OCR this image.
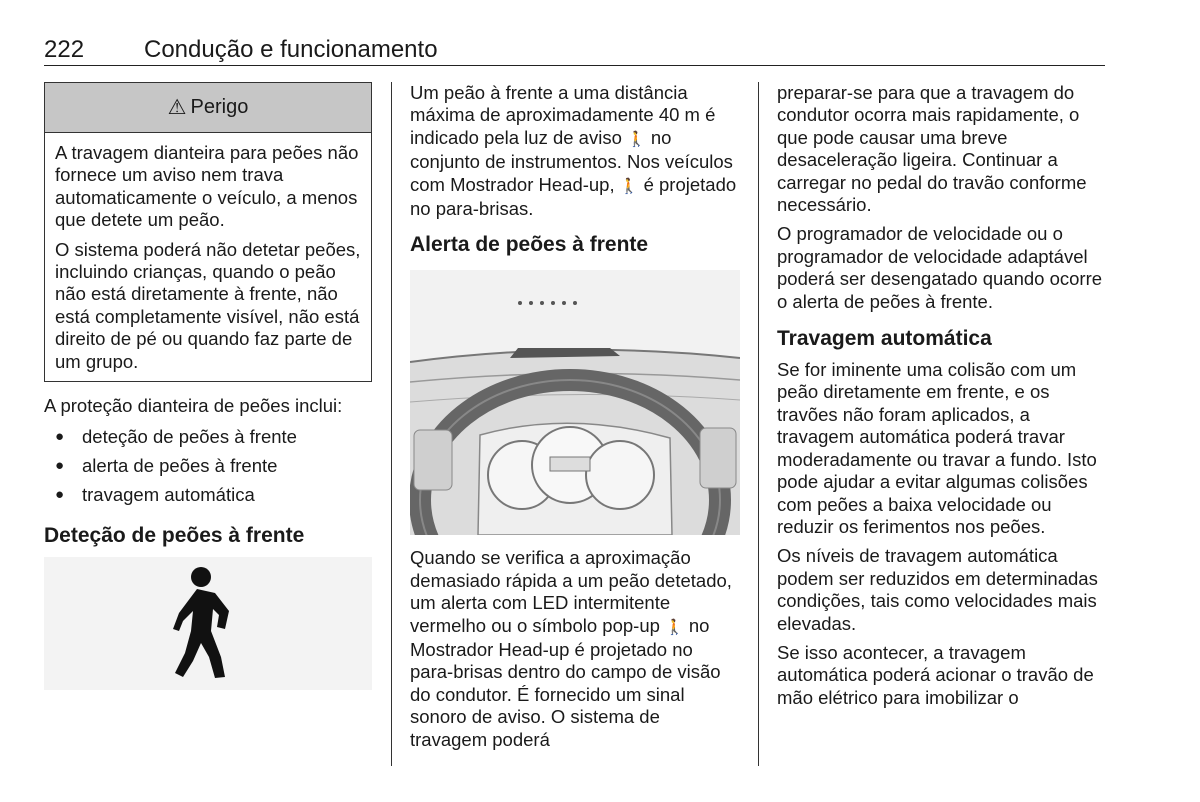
222 Condução e funcionamento
⚠ Perigo

A travagem dianteira para peões não fornece um aviso nem trava automaticamente o veículo, a menos que detete um peão.

O sistema poderá não detetar peões, incluindo crianças, quando o peão não está diretamente à frente, não está completamente visível, não está direito de pé ou quando faz parte de um grupo.

A proteção dianteira de peões inclui:

● deteção de peões à frente
● alerta de peões à frente
● travagem automática
Deteção de peões à frente

Um peão à frente a uma distância máxima de aproximadamente 40 m é indicado pela luz de aviso 🚶 no conjunto de instrumentos. Nos veículos com Mostrador Head-up, 🚶 é projetado no para-brisas.

Alerta de peões à frente

Quando se verifica a aproximação demasiado rápida a um peão detetado, um alerta com LED intermitente vermelho ou o símbolo pop-up 🚶 no Mostrador Head-up é projetado no para-brisas dentro do campo de visão do condutor. É fornecido um sinal sonoro de aviso. O sistema de travagem poderá

preparar-se para que a travagem do condutor ocorra mais rapidamente, o que pode causar uma breve desaceleração ligeira. Continuar a carregar no pedal do travão conforme necessário.

O programador de velocidade ou o programador de velocidade adaptável poderá ser desengatado quando ocorre o alerta de peões à frente.

Travagem automática

Se for iminente uma colisão com um peão diretamente em frente, e os travões não foram aplicados, a travagem automática poderá travar moderadamente ou travar a fundo. Isto pode ajudar a evitar algumas colisões com peões a baixa velocidade ou reduzir os ferimentos nos peões.

Os níveis de travagem automática podem ser reduzidos em determinadas condições, tais como velocidades mais elevadas.

Se isso acontecer, a travagem automática poderá acionar o travão de mão elétrico para imobilizar o
